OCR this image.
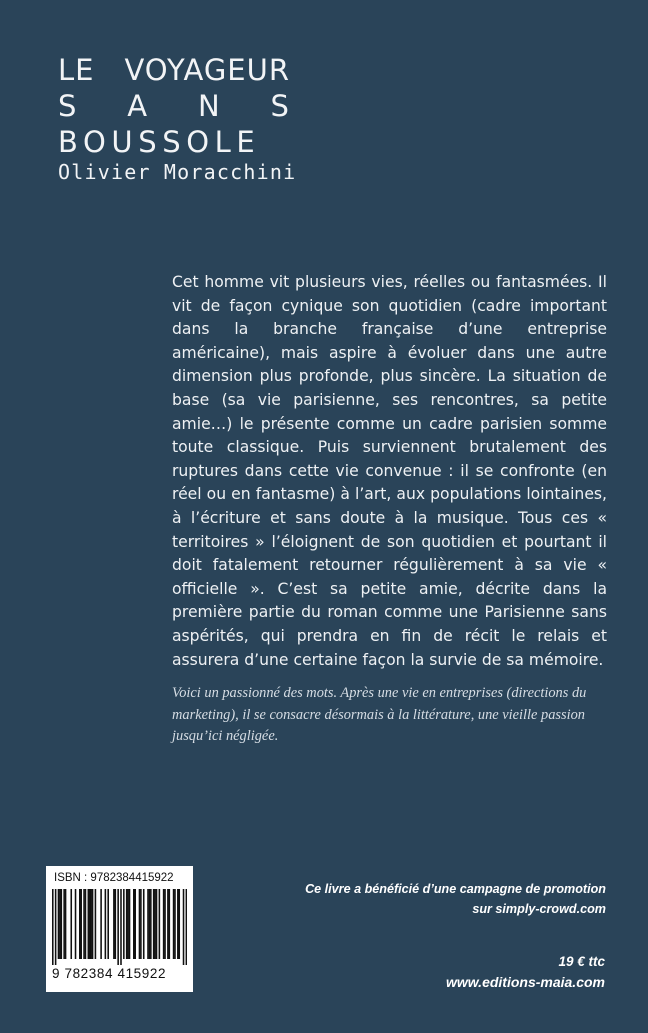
LE VOYAGEUR
S A N S
BOUSSOLE
Olivier Moracchini

Cet homme vit plusieurs vies, réelles ou fantasmées. Il vit de façon cynique son quotidien (cadre important dans la branche française d’une entreprise américaine), mais aspire à évoluer dans une autre dimension plus profonde, plus sincère. La situation de base (sa vie parisienne, ses rencontres, sa petite amie…) le présente comme un cadre parisien somme toute classique. Puis surviennent brutalement des ruptures dans cette vie convenue : il se confronte (en réel ou en fantasme) à l’art, aux populations lointaines, à l’écriture et sans doute à la musique. Tous ces « territoires » l’éloignent de son quotidien et pourtant il doit fatalement retourner régulièrement à sa vie « officielle ». C’est sa petite amie, décrite dans la première partie du roman comme une Parisienne sans aspérités, qui prendra en fin de récit le relais et assurera d’une certaine façon la survie de sa mémoire.

Voici un passionné des mots. Après une vie en entreprises (directions du marketing), il se consacre désormais à la littérature, une vieille passion jusqu’ici négligée.

ISBN : 9782384415922
9 782384 415922
Ce livre a bénéficié d’une campagne de promotion
sur simply-crowd.com
19 € ttc
www.editions-maia.com
